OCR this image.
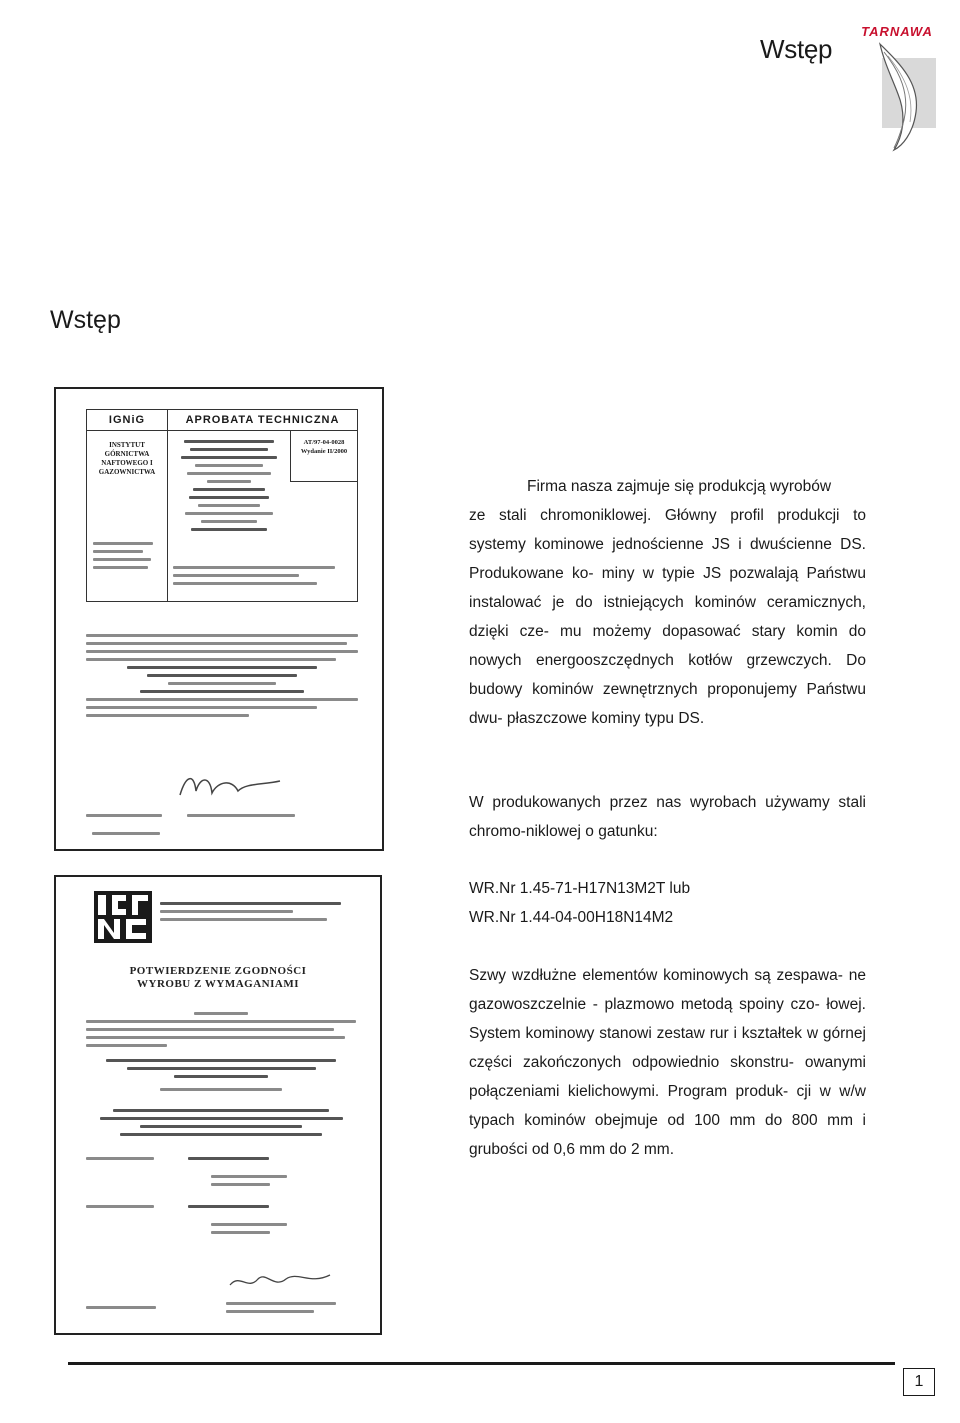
Wstęp
TARNAWA
Wstęp
IGNiG	APROBATA TECHNICZNA
INSTYTUT GÓRNICTWA NAFTOWEGO I GAZOWNICTWA
AT/97-04-0028
Wydanie II/2000

POTWIERDZENIE ZGODNOŚCI
WYROBU Z WYMAGANIAMI

Firma nasza zajmuje się produkcją wyrobów
ze stali chromoniklowej. Główny profil produkcji to systemy kominowe jednościenne JS i dwuścienne DS. Produkowane ko- miny w typie JS pozwalają Państwu instalować je do istniejących kominów ceramicznych, dzięki cze- mu możemy dopasować stary komin do nowych energooszczędnych kotłów grzewczych. Do budowy kominów zewnętrznych proponujemy Państwu dwu- płaszczowe kominy typu DS.
W produkowanych przez nas wyrobach używamy stali chromo-niklowej o gatunku:
WR.Nr 1.45-71-H17N13M2T lub
WR.Nr 1.44-04-00H18N14M2
Szwy wzdłużne elementów kominowych są zespawa- ne gazowoszczelnie - plazmowo metodą spoiny czo- łowej. System kominowy stanowi zestaw rur i kształtek w górnej części zakończonych odpowiednio skonstru- owanymi połączeniami kielichowymi. Program produk- cji w w/w typach kominów obejmuje od 100 mm do 800 mm i grubości od 0,6 mm do 2 mm.
1
